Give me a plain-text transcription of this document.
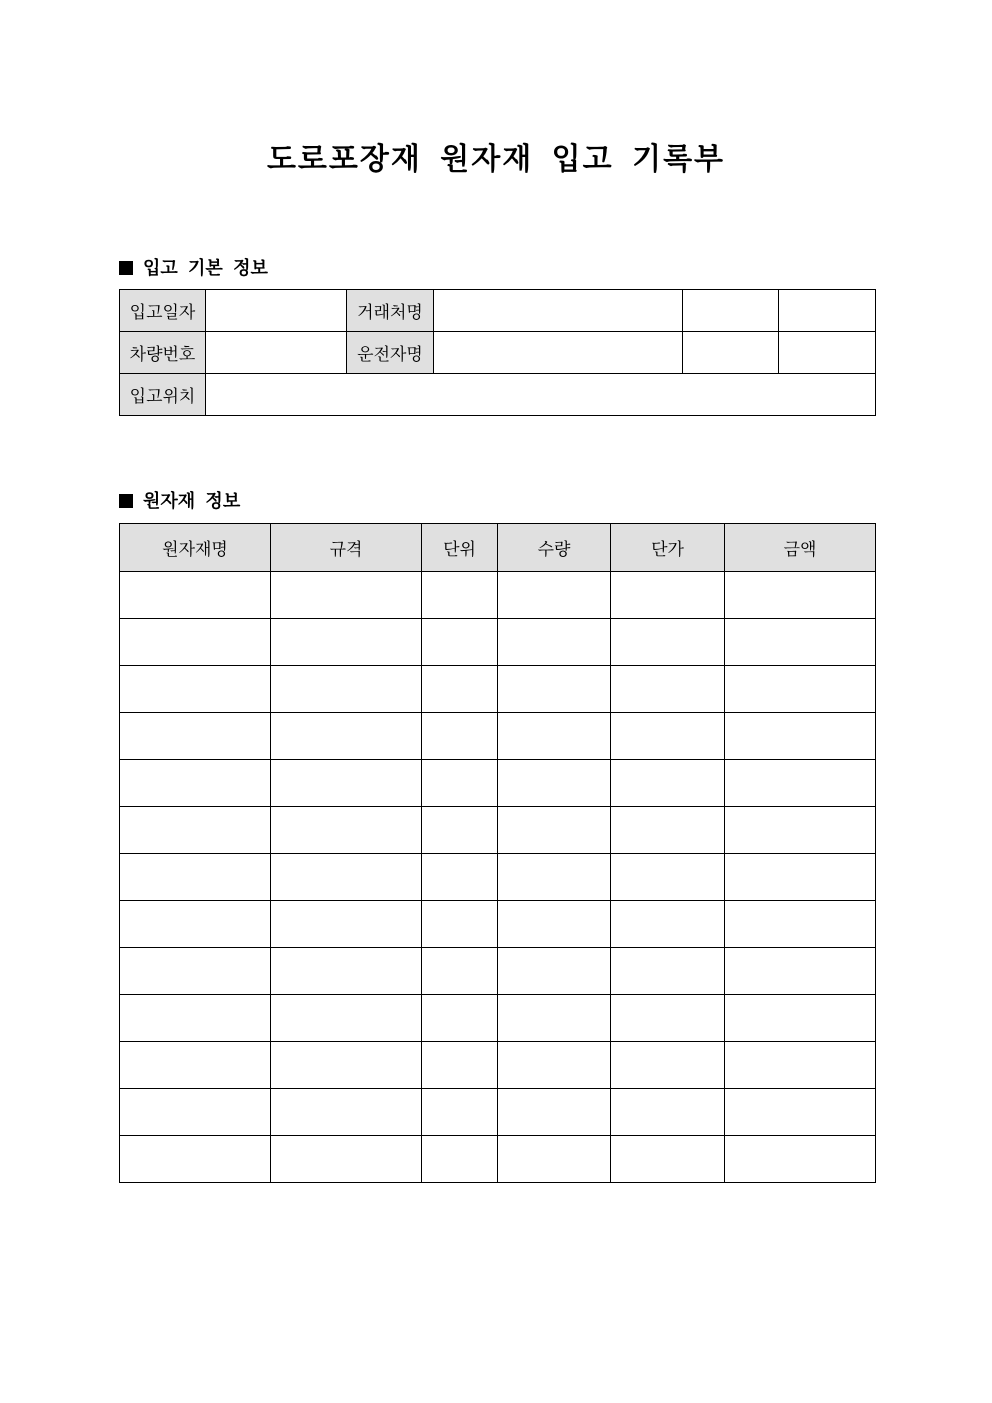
도로포장재 원자재 입고 기록부
입고 기본 정보
입고일자		거래처명			
차량번호		운전자명			
입고위치					
원자재 정보
원자재명	규격	단위	수량	단가	금액
